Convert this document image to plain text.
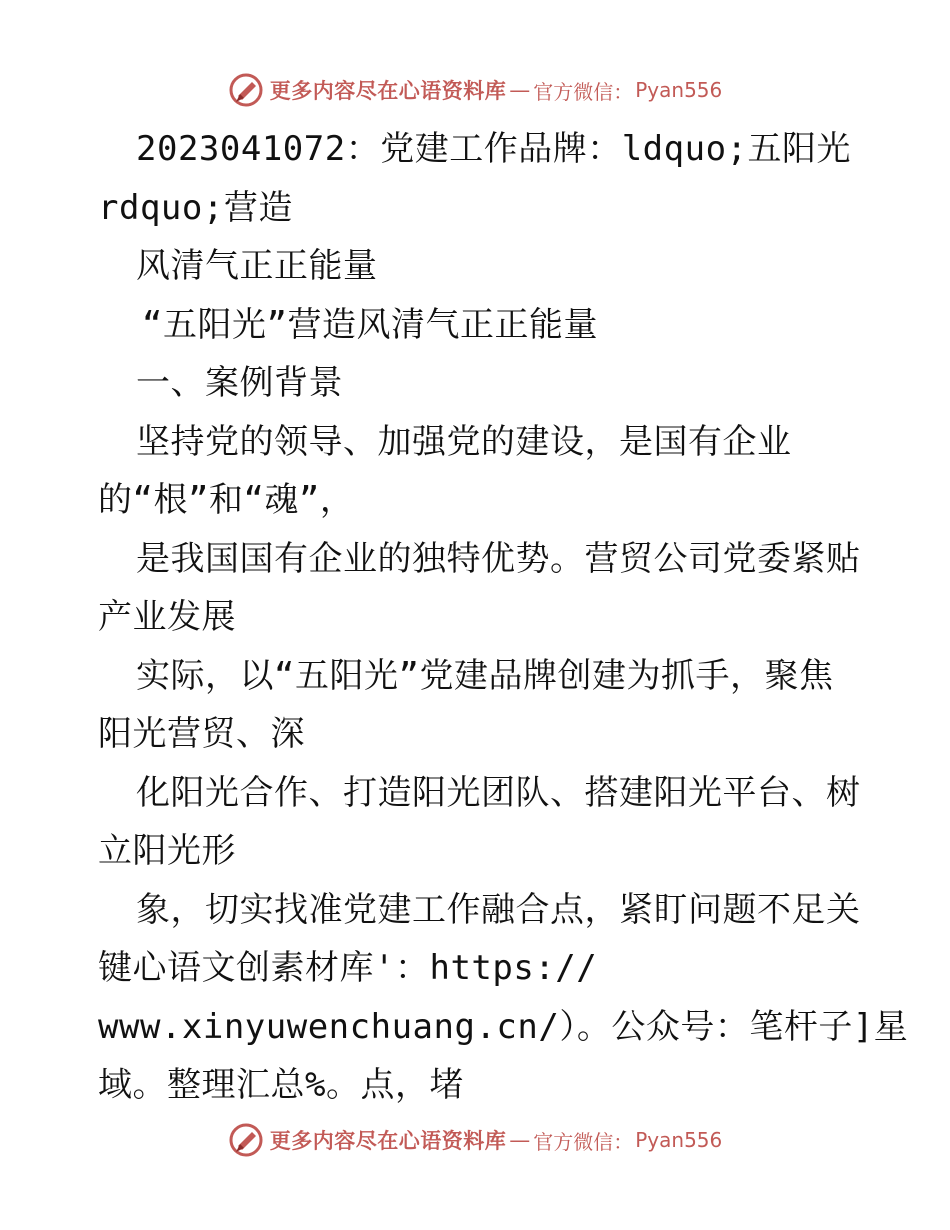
更多内容尽在心语资料库 — 官方微信： Pyan556
2023041072：党建工作品牌：ldquo;五阳光
rdquo;营造
风清气正正能量
“五阳光”营造风清气正正能量
一、案例背景
坚持党的领导、加强党的建设，是国有企业
的“根”和“魂”，
是我国国有企业的独特优势。营贸公司党委紧贴
产业发展
实际，以“五阳光”党建品牌创建为抓手，聚焦
阳光营贸、深
化阳光合作、打造阳光团队、搭建阳光平台、树
立阳光形
象，切实找准党建工作融合点，紧盯问题不足关
键心语文创素材库'：https://
www.xinyuwenchuang.cn/）。公众号：笔杆子]星
域。整理汇总%。点，堵
更多内容尽在心语资料库 — 官方微信： Pyan556
